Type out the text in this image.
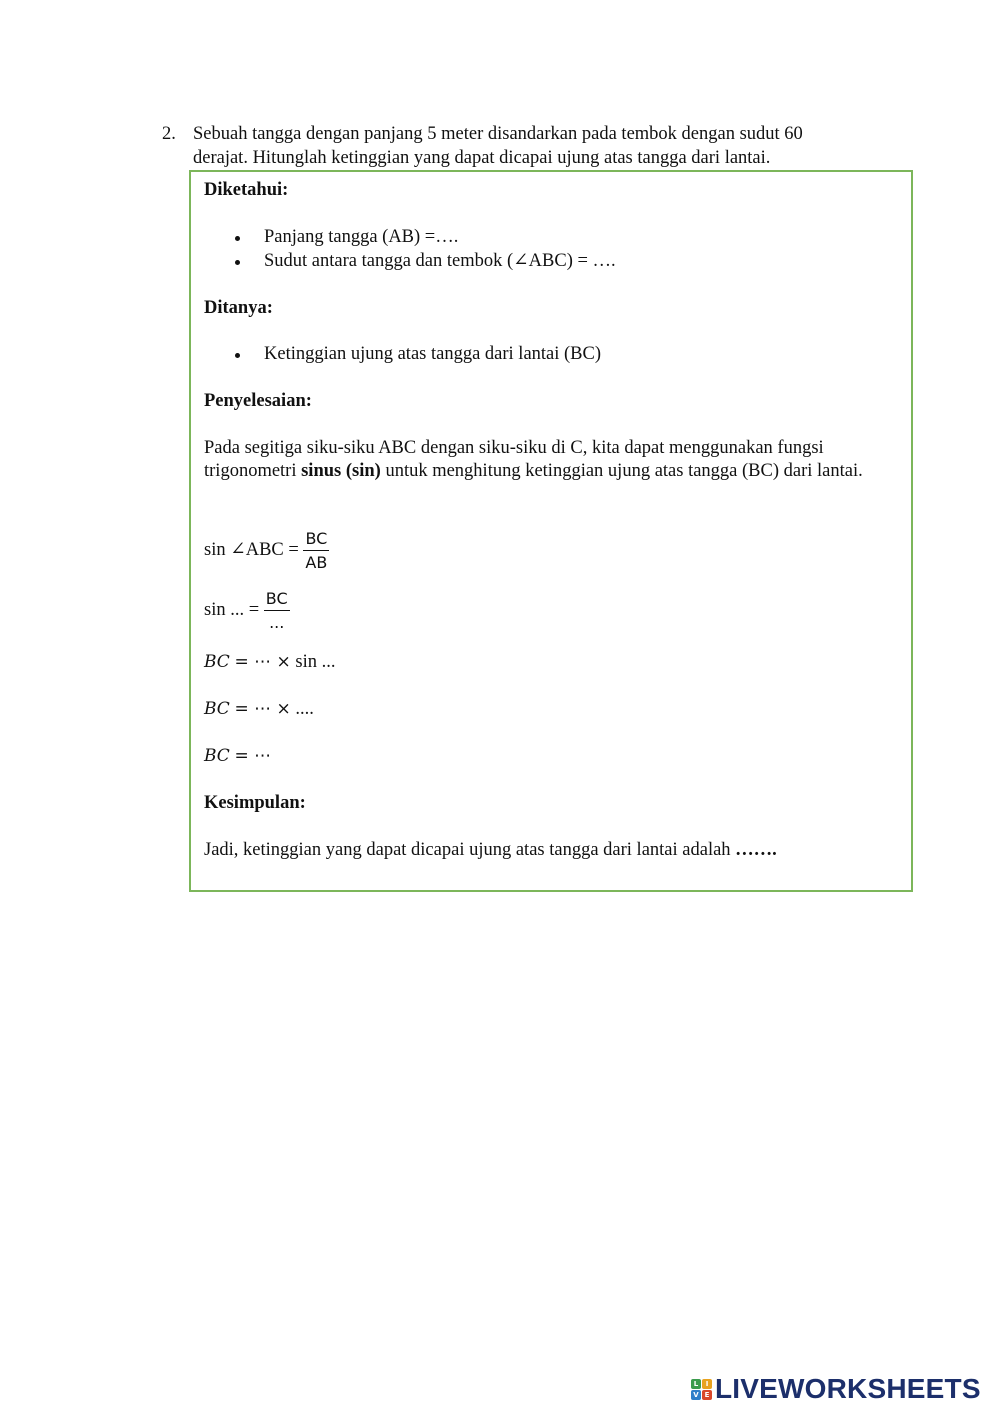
2. Sebuah tangga dengan panjang 5 meter disandarkan pada tembok dengan sudut 60
derajat. Hitunglah ketinggian yang dapat dicapai ujung atas tangga dari lantai.
Diketahui:
Panjang tangga (AB) =….
Sudut antara tangga dan tembok (∠ABC) = ….
Ditanya:
Ketinggian ujung atas tangga dari lantai (BC)
Penyelesaian:
Pada segitiga siku-siku ABC dengan siku-siku di C, kita dapat menggunakan fungsi trigonometri sinus (sin) untuk menghitung ketinggian ujung atas tangga (BC) dari lantai.
sin ∠ABC = $\frac{BC}{AB}$
sin ... = $\frac{BC}{...}$
BC = ⋯ × sin ...
BC = ⋯ × ....
BC = ⋯
Kesimpulan:
Jadi, ketinggian yang dapat dicapai ujung atas tangga dari lantai adalah …….
L	I
V E LIVEWORKSHEETS
